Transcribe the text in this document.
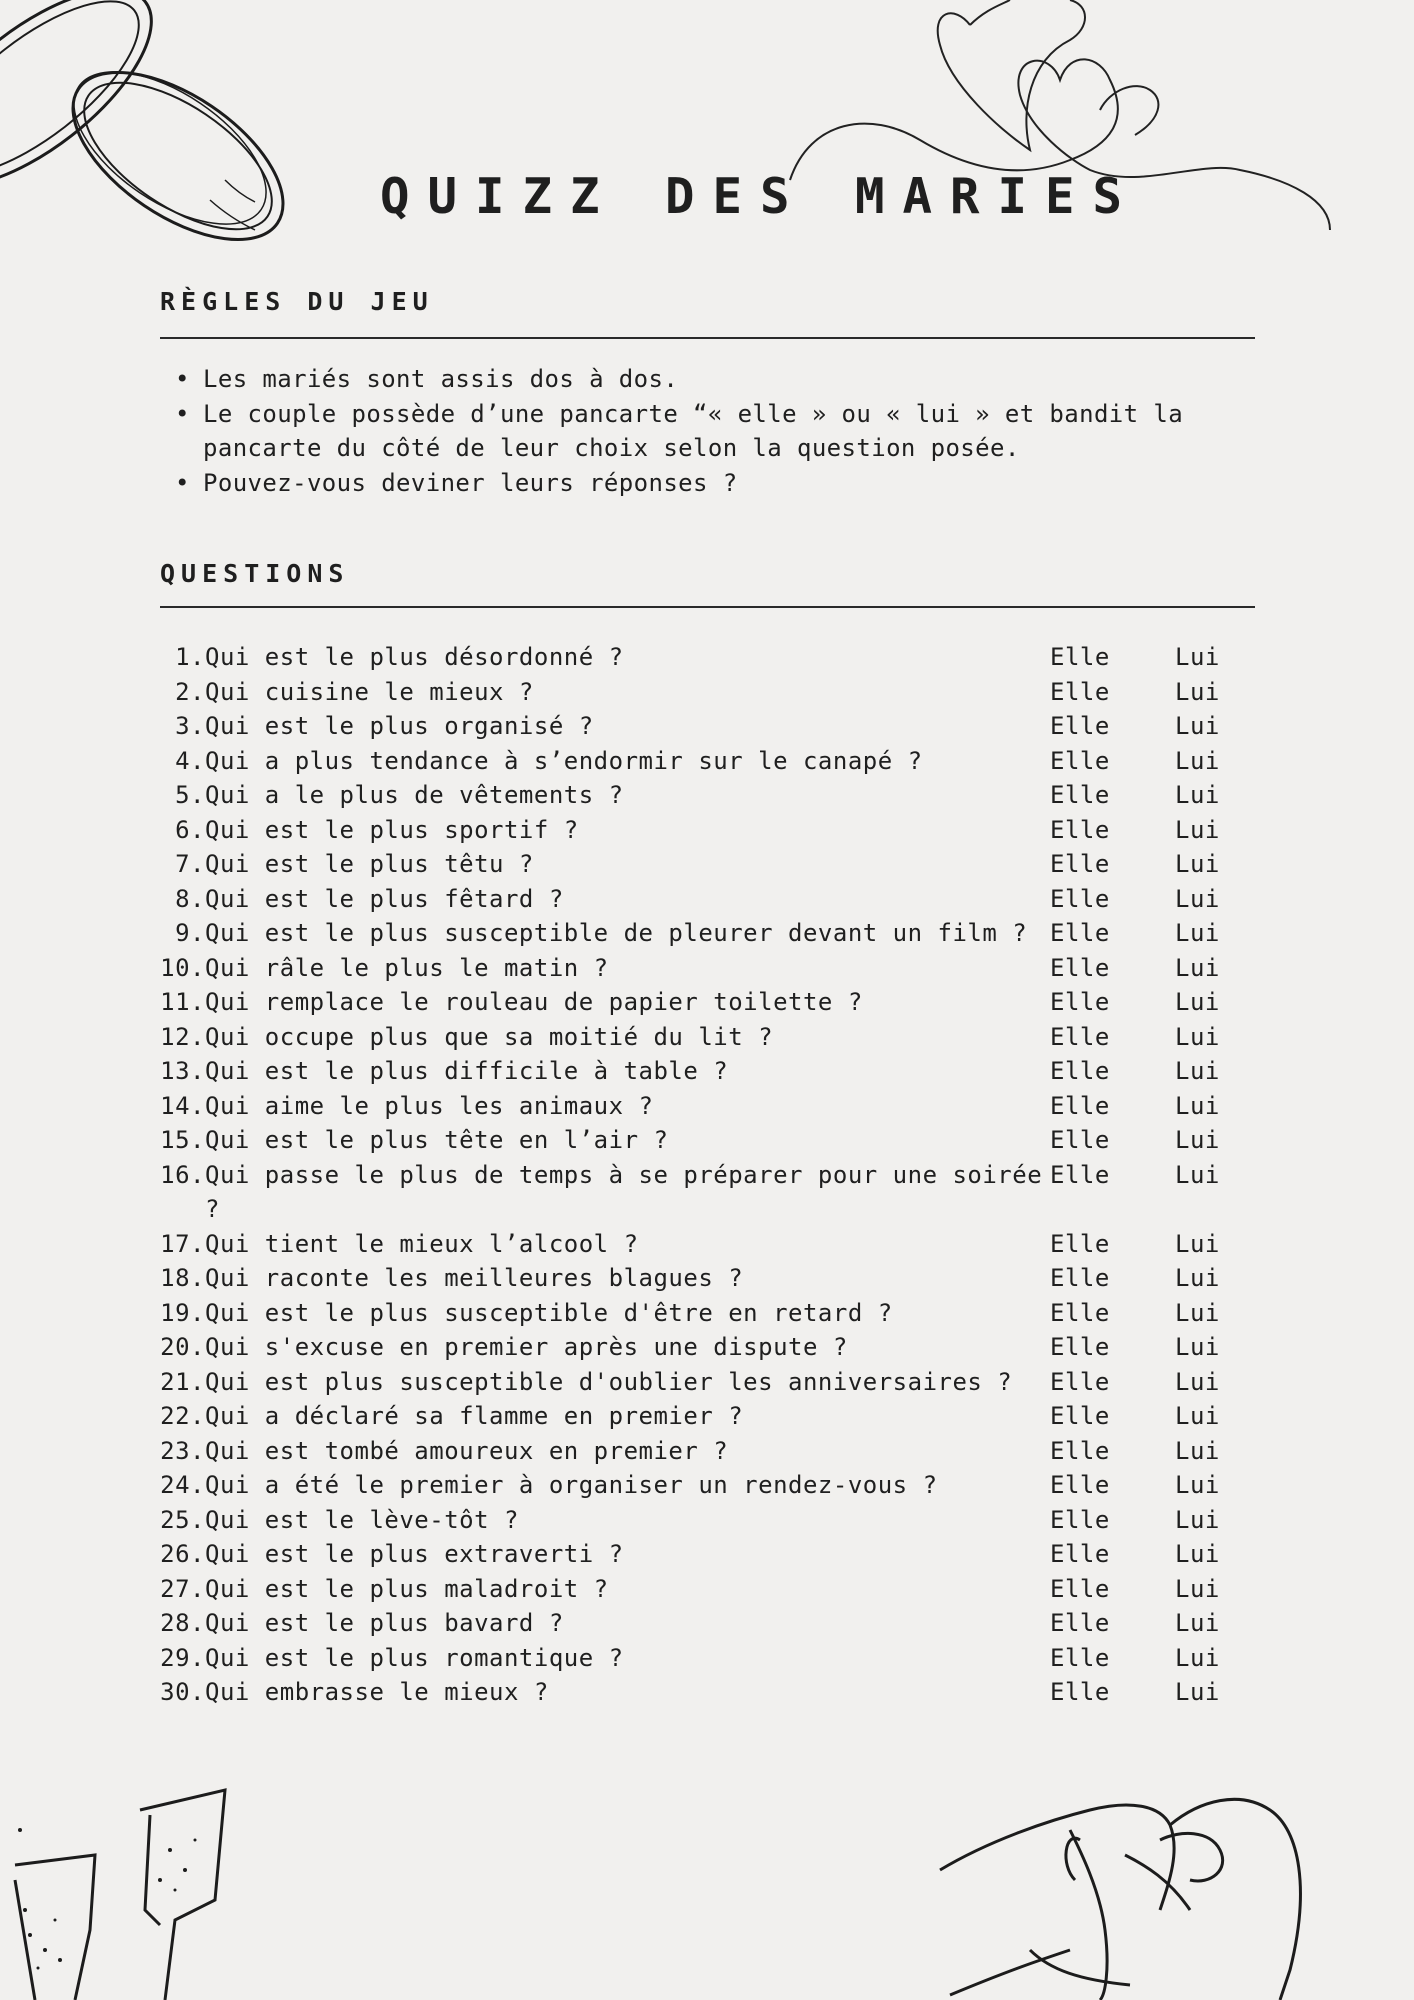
QUIZZ DES MARIES
RÈGLES DU JEU
• Les mariés sont assis dos à dos.
• Le couple possède d’une pancarte “« elle » ou « lui » et bandit la pancarte du côté de leur choix selon la question posée.
• Pouvez-vous deviner leurs réponses ?
QUESTIONS
1. Qui est le plus désordonné ?	Elle	Lui
2. Qui cuisine le mieux ?	Elle	Lui
3. Qui est le plus organisé ?	Elle	Lui
4. Qui a plus tendance à s’endormir sur le canapé ?	Elle	Lui
5. Qui a le plus de vêtements ?	Elle	Lui
6. Qui est le plus sportif ?	Elle	Lui
7. Qui est le plus têtu ?	Elle	Lui
8. Qui est le plus fêtard ?	Elle	Lui
9. Qui est le plus susceptible de pleurer devant un film ? Elle	Lui
10. Qui râle le plus le matin ?	Elle	Lui
11. Qui remplace le rouleau de papier toilette ?	Elle	Lui
12. Qui occupe plus que sa moitié du lit ?	Elle	Lui
13. Qui est le plus difficile à table ?	Elle	Lui
14. Qui aime le plus les animaux ?	Elle	Lui
15. Qui est le plus tête en l’air ?	Elle	Lui
16. Qui passe le plus de temps à se préparer pour une soirée ?
Elle	Lui
17. Qui tient le mieux l’alcool ?	Elle	Lui
18. Qui raconte les meilleures blagues ?	Elle	Lui
19. Qui est le plus susceptible d'être en retard ?	Elle	Lui
20. Qui s'excuse en premier après une dispute ?	Elle	Lui
21. Qui est plus susceptible d'oublier les anniversaires ?	Elle	Lui
22. Qui a déclaré sa flamme en premier ?	Elle	Lui
23. Qui est tombé amoureux en premier ?	Elle	Lui
24. Qui a été le premier à organiser un rendez-vous ?	Elle	Lui
25. Qui est le lève-tôt ?	Elle	Lui
26. Qui est le plus extraverti ?	Elle	Lui
27. Qui est le plus maladroit ?	Elle	Lui
28. Qui est le plus bavard ?	Elle	Lui
29. Qui est le plus romantique ?	Elle	Lui
30. Qui embrasse le mieux ?	Elle	Lui
